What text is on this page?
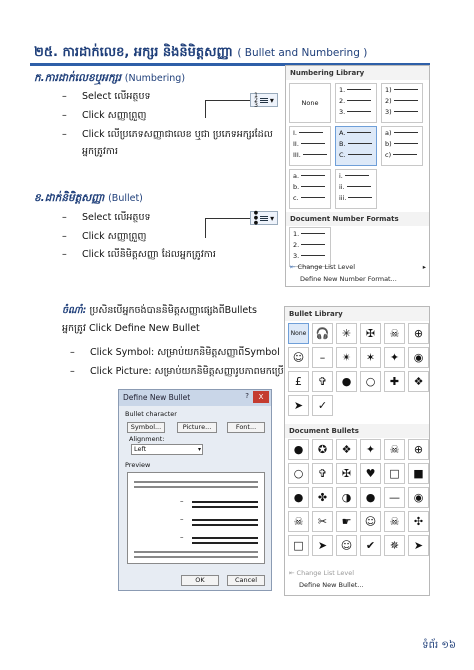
២៥. ការដាក់លេខ, អក្សរ និងនិមិត្តសញ្ញា ( Bullet and Numbering )
ក.ការដាក់លេខឬអក្សរ (Numbering)
– Select លើអត្ថបទ
– Click សញ្ញាព្រួញ
– Click លើប្រភេទសញ្ញាជាលេខ ឬជា ប្រភេទអក្សរដែល
អ្នកត្រូវការ
1
2
3
▾
ខ.ដាក់និមិត្តសញ្ញា (Bullet)
– Select លើអត្ថបទ
– Click សញ្ញាព្រួញ
– Click លើនិមិត្តសញ្ញា ដែលអ្នកត្រូវការ
●
●
● ▾
Numbering Library
None
1.
2.
3.
1)
2)
3)
I.
II.
III.
A.
B.
C.
a)
b)
c)
a.
b.
c.
i.
ii.
iii.
Document Number Formats
1.
2.
3.
⇤ Change List Level	▸
Define New Number Format...
ចំណាំ: ប្រសិនបើអ្នកចង់បាននិមិត្តសញ្ញាផ្សេងពីBullets
អ្នកត្រូវ Click Define New Bullet
– Click Symbol: សម្រាប់យកនិមិត្តសញ្ញាពីSymbol
– Click Picture: សម្រាប់យកនិមិត្តសញ្ញារូបភាពមកប្រើ
Bullet Library
None 🎧	✳	✠	☠	⊕
☺	–	✴	✶	✦	◉
£	✞	●	○	✚	❖
➤	✓
Document Bullets
●	✪	❖	✦	☠	⊕
○	✞	✠	♥	□	■
●	✤	◑	●	—	◉
☠	✂	☛	☺	☠	✣
□	➤	☺	✔	✵	➤
⇤ Change List Level
Define New Bullet...
Define New Bullet	?	X
Bullet character
Symbol...	Picture...	Font...
Alignment:
Left	▾
Preview
–
–
–
OK	Cancel
ទំព័រ ១៦
